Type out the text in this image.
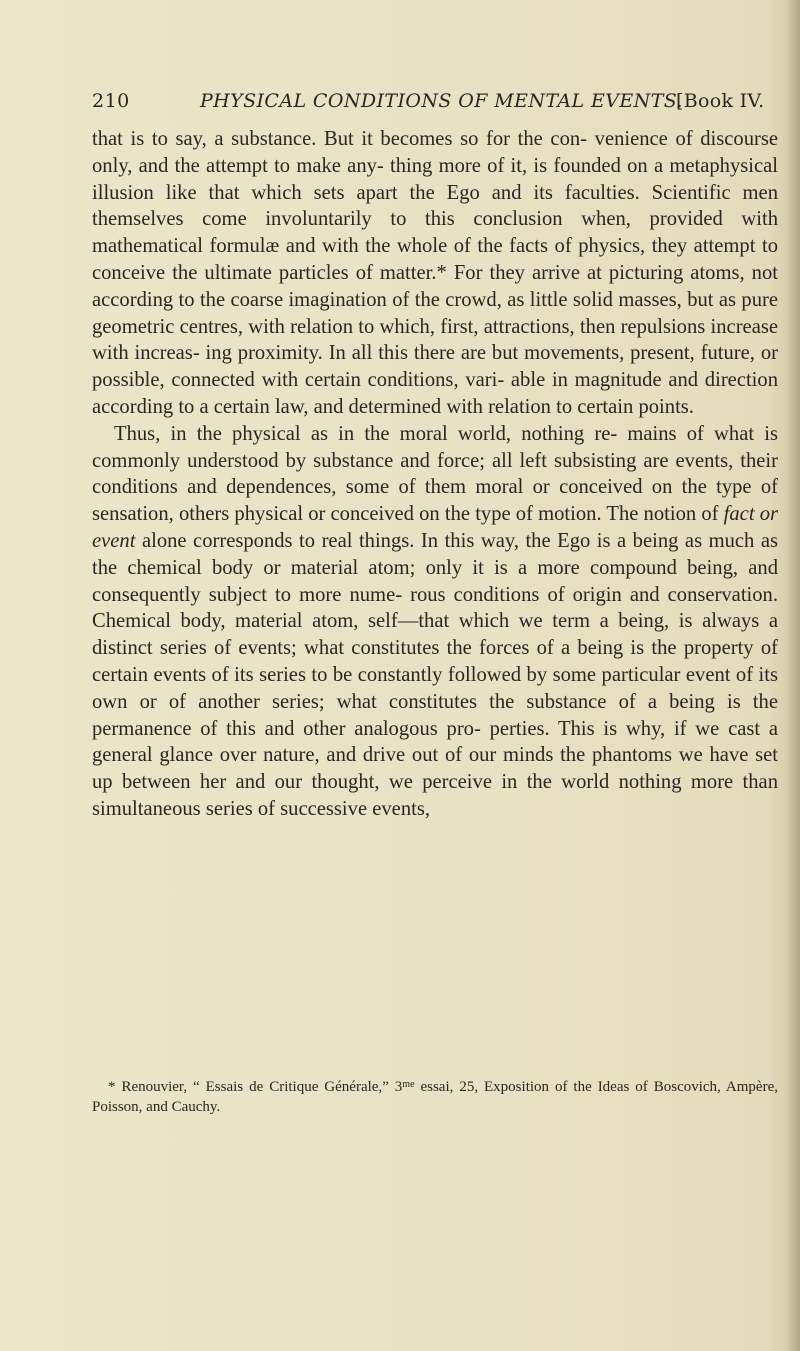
210	PHYSICAL CONDITIONS OF MENTAL EVENTS.
[Book IV.

that is to say, a substance. But it becomes so for the con- venience of discourse only, and the attempt to make any- thing more of it, is founded on a metaphysical illusion like that which sets apart the Ego and its faculties. Scientific men themselves come involuntarily to this conclusion when, provided with mathematical formulæ and with the whole of the facts of physics, they attempt to conceive the ultimate particles of matter.* For they arrive at picturing atoms, not according to the coarse imagination of the crowd, as little solid masses, but as pure geometric centres, with relation to which, first, attractions, then repulsions increase with increas- ing proximity. In all this there are but movements, present, future, or possible, connected with certain conditions, vari- able in magnitude and direction according to a certain law, and determined with relation to certain points.

Thus, in the physical as in the moral world, nothing re- mains of what is commonly understood by substance and force; all left subsisting are events, their conditions and dependences, some of them moral or conceived on the type of sensation, others physical or conceived on the type of motion. The notion of fact or event alone corresponds to real things. In this way, the Ego is a being as much as the chemical body or material atom; only it is a more compound being, and consequently subject to more nume- rous conditions of origin and conservation. Chemical body, material atom, self—that which we term a being, is always a distinct series of events; what constitutes the forces of a being is the property of certain events of its series to be constantly followed by some particular event of its own or of another series; what constitutes the substance of a being is the permanence of this and other analogous pro- perties. This is why, if we cast a general glance over nature, and drive out of our minds the phantoms we have set up between her and our thought, we perceive in the world nothing more than simultaneous series of successive events,

* Renouvier, “ Essais de Critique Générale,” $3^{me}$ essai, 25, Exposition of the Ideas of Boscovich, Ampère, Poisson, and Cauchy.
